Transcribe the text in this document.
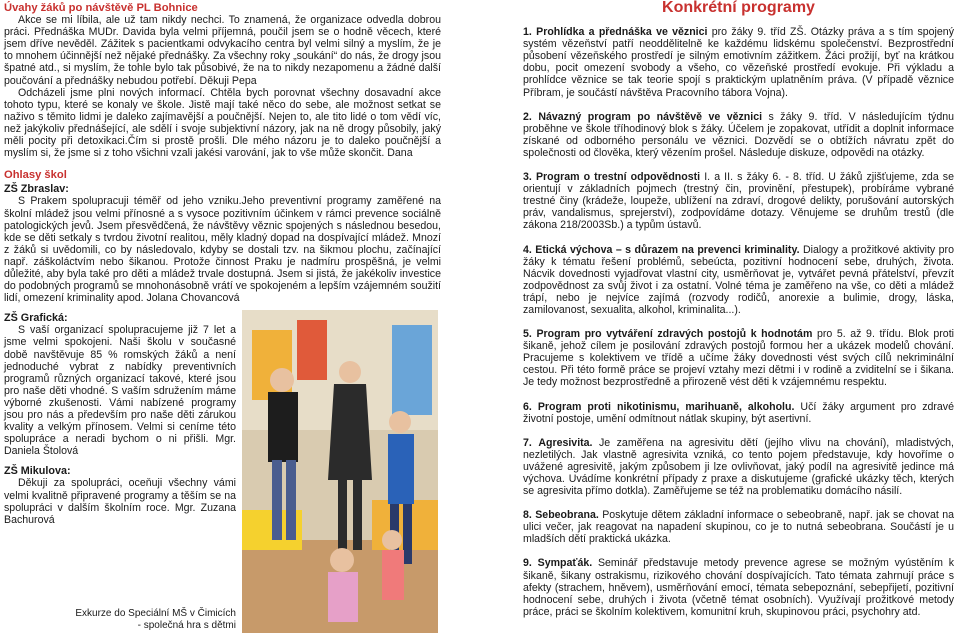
Úvahy žáků po návštěvě PL Bohnice

Akce se mi líbila, ale už tam nikdy nechci. To znamená, že organizace odvedla dobrou práci. Přednáška MUDr. Davida byla velmi příjemná, poučil jsem se o hodně věcech, které jsem dříve nevěděl. Zážitek s pacientkami odvykacího centra byl velmi silný a myslím, že je to mnohem účinnější než nějaké přednášky. Za všechny roky „soukání“ do nás, že drogy jsou špatné atd., si myslím, že tohle bylo tak působivé, že na to nikdy nezapomenu a žádné další poučování a přednášky nebudou potřebí. Děkuji Pepa

Odcházeli jsme plni nových informací. Chtěla bych porovnat všechny dosavadní akce tohoto typu, které se konaly ve škole. Jistě mají také něco do sebe, ale možnost setkat se naživo s těmito lidmi je daleko zajímavější a poučnější. Nejen to, ale tito lidé o tom vědí víc, než jakýkoliv přednášející, ale sdělí i svoje subjektivní názory, jak na ně drogy působily, jaký měli pocity při detoxikaci.Čím si prostě prošli. Dle mého názoru je to daleko poučnější a myslím si, že jsme si z toho všichni vzali jakési varování, jak to vše může skončit. Dana

Ohlasy škol
ZŠ Zbraslav:

S Prakem spolupracuji téměř od jeho vzniku.Jeho preventivní programy zaměřené na školní mládež jsou velmi přínosné a s vysoce pozitivním účinkem v rámci prevence sociálně patologických jevů. Jsem přesvědčená, že návštěvy věznic spojených s následnou besedou, kde se děti setkaly s tvrdou životní realitou, měly kladný dopad na dospívající mládež. Mnozí z žáků si uvědomili, co by následovalo, kdyby se dostali tzv. na šikmou plochu, začínající např. záškoláctvím nebo šikanou. Protože činnost Praku je nadmíru prospěšná, je velmi důležité, aby byla také pro děti a mládež trvale dostupná. Jsem si jistá, že jakékoliv investice do podobných programů se mnohonásobně vrátí ve spokojeném a lepším vzájemném soužití lidí, omezení kriminality apod. Jolana Chovancová

ZŠ Grafická:

S vaší organizací spolupracujeme již 7 let a jsme velmi spokojeni. Naši školu v současné době navštěvuje 85 % romských žáků a není jednoduché vybrat z nabídky preventivních programů různých organizací takové, které jsou pro naše děti vhodné. S vaším sdružením máme výborné zkušenosti. Vámi nabízené programy jsou pro nás a především pro naše děti zárukou kvality a velkým přínosem. Velmi si ceníme této spolupráce a neradi bychom o ni přišli. Mgr. Daniela Štolová

ZŠ Mikulova:

Děkuji za spolupráci, oceňuji všechny vámi velmi kvalitně připravené programy a těším se na spolupráci v dalším školním roce. Mgr. Zuzana Bachurová

Exkurze do Speciální MŠ v Čimicích
- společná hra s dětmi
Konkrétní programy
1. Prohlídka a přednáška ve věznici pro žáky 9. tříd ZŠ. Otázky práva a s tím spojený systém vězeňství patří neoddělitelně ke každému lidskému společenství. Bezprostřední působení vězeňského prostředí je silným emotivním zážitkem. Žáci prožijí, byť na krátkou dobu, pocit omezení svobody a všeho, co vězeňské prostředí evokuje. Při výkladu a prohlídce věznice se tak teorie spojí s praktickým uplatněním práva. (V případě věznice Příbram, je součástí návštěva Pracovního tábora Vojna).
2. Návazný program po návštěvě ve věznici s žáky 9. tříd. V následujícím týdnu proběhne ve škole tříhodinový blok s žáky. Účelem je zopakovat, utřídit a doplnit informace získané od odborného personálu ve věznici. Dozvědí se o obtížích návratu zpět do společnosti od člověka, který vězením prošel. Následuje diskuze, odpovědi na otázky.
3. Program o trestní odpovědnosti I. a II. s žáky 6. - 8. tříd. U žáků zjišťujeme, zda se orientují v základních pojmech (trestný čin, provinění, přestupek), probíráme vybrané trestné činy (krádeže, loupeže, ublížení na zdraví, drogové delikty, porušování autorských práv, vandalismus, sprejerství), zodpovídáme dotazy. Věnujeme se druhům trestů (dle zákona 218/2003Sb.) a typům ústavů.
4. Etická výchova – s důrazem na prevenci kriminality. Dialogy a prožitkové aktivity pro žáky k tématu řešení problémů, sebeúcta, pozitivní hodnocení sebe, druhých, života. Nácvik dovednosti vyjadřovat vlastní city, usměrňovat je, vytvářet pevná přátelství, převzít zodpovědnost za svůj život i za ostatní. Volné téma je zaměřeno na vše, co děti a mládež trápí, nebo je nejvíce zajímá (rozvody rodičů, anorexie a bulimie, drogy, láska, zamilovanost, sexualita, alkohol, kriminalita...).
5. Program pro vytváření zdravých postojů k hodnotám pro 5. až 9. třídu. Blok proti šikaně, jehož cílem je posilování zdravých postojů formou her a ukázek modelů chování. Pracujeme s kolektivem ve třídě a učíme žáky dovednosti vést svých cílů nekriminální cestou. Při této formě práce se projeví vztahy mezi dětmi i v rodině a zviditelní se i šikana. Je tedy možnost bezprostředně a přirozeně vést děti k vzájemnému respektu.
6. Program proti nikotinismu, marihuaně, alkoholu. Učí žáky argument pro zdravé životní postoje, umění odmítnout nátlak skupiny, být asertivní.
7. Agresivita. Je zaměřena na agresivitu dětí (jejího vlivu na chování), mladistvých, nezletilých. Jak vlastně agresivita vzniká, co tento pojem představuje, kdy hovoříme o uvážené agresivitě, jakým způsobem ji lze ovlivňovat, jaký podíl na agresivitě jedince má výchova. Uvádíme konkrétní případy z praxe a diskutujeme (grafické ukázky těch, kterých se agresivita přímo dotkla). Zaměřujeme se též na problematiku domácího násilí.
8. Sebeobrana. Poskytuje dětem základní informace o sebeobraně, např. jak se chovat na ulici večer, jak reagovat na napadení skupinou, co je to nutná sebeobrana. Součástí je u mladších dětí praktická ukázka.
9. Sympaťák. Seminář představuje metody prevence agrese se možným vyústěním k šikaně, šikany ostrakismu, rizikového chování dospívajících. Tato témata zahrnují práce s afekty (strachem, hněvem), usměrňování emocí, témata sebepoznání, sebepřijetí, pozitivní hodnocení sebe, druhých i života (včetně témat osobních). Využívají prožitkové metody práce, práci se školním kolektivem, komunitní kruh, skupinovou práci, psychohry atd.
